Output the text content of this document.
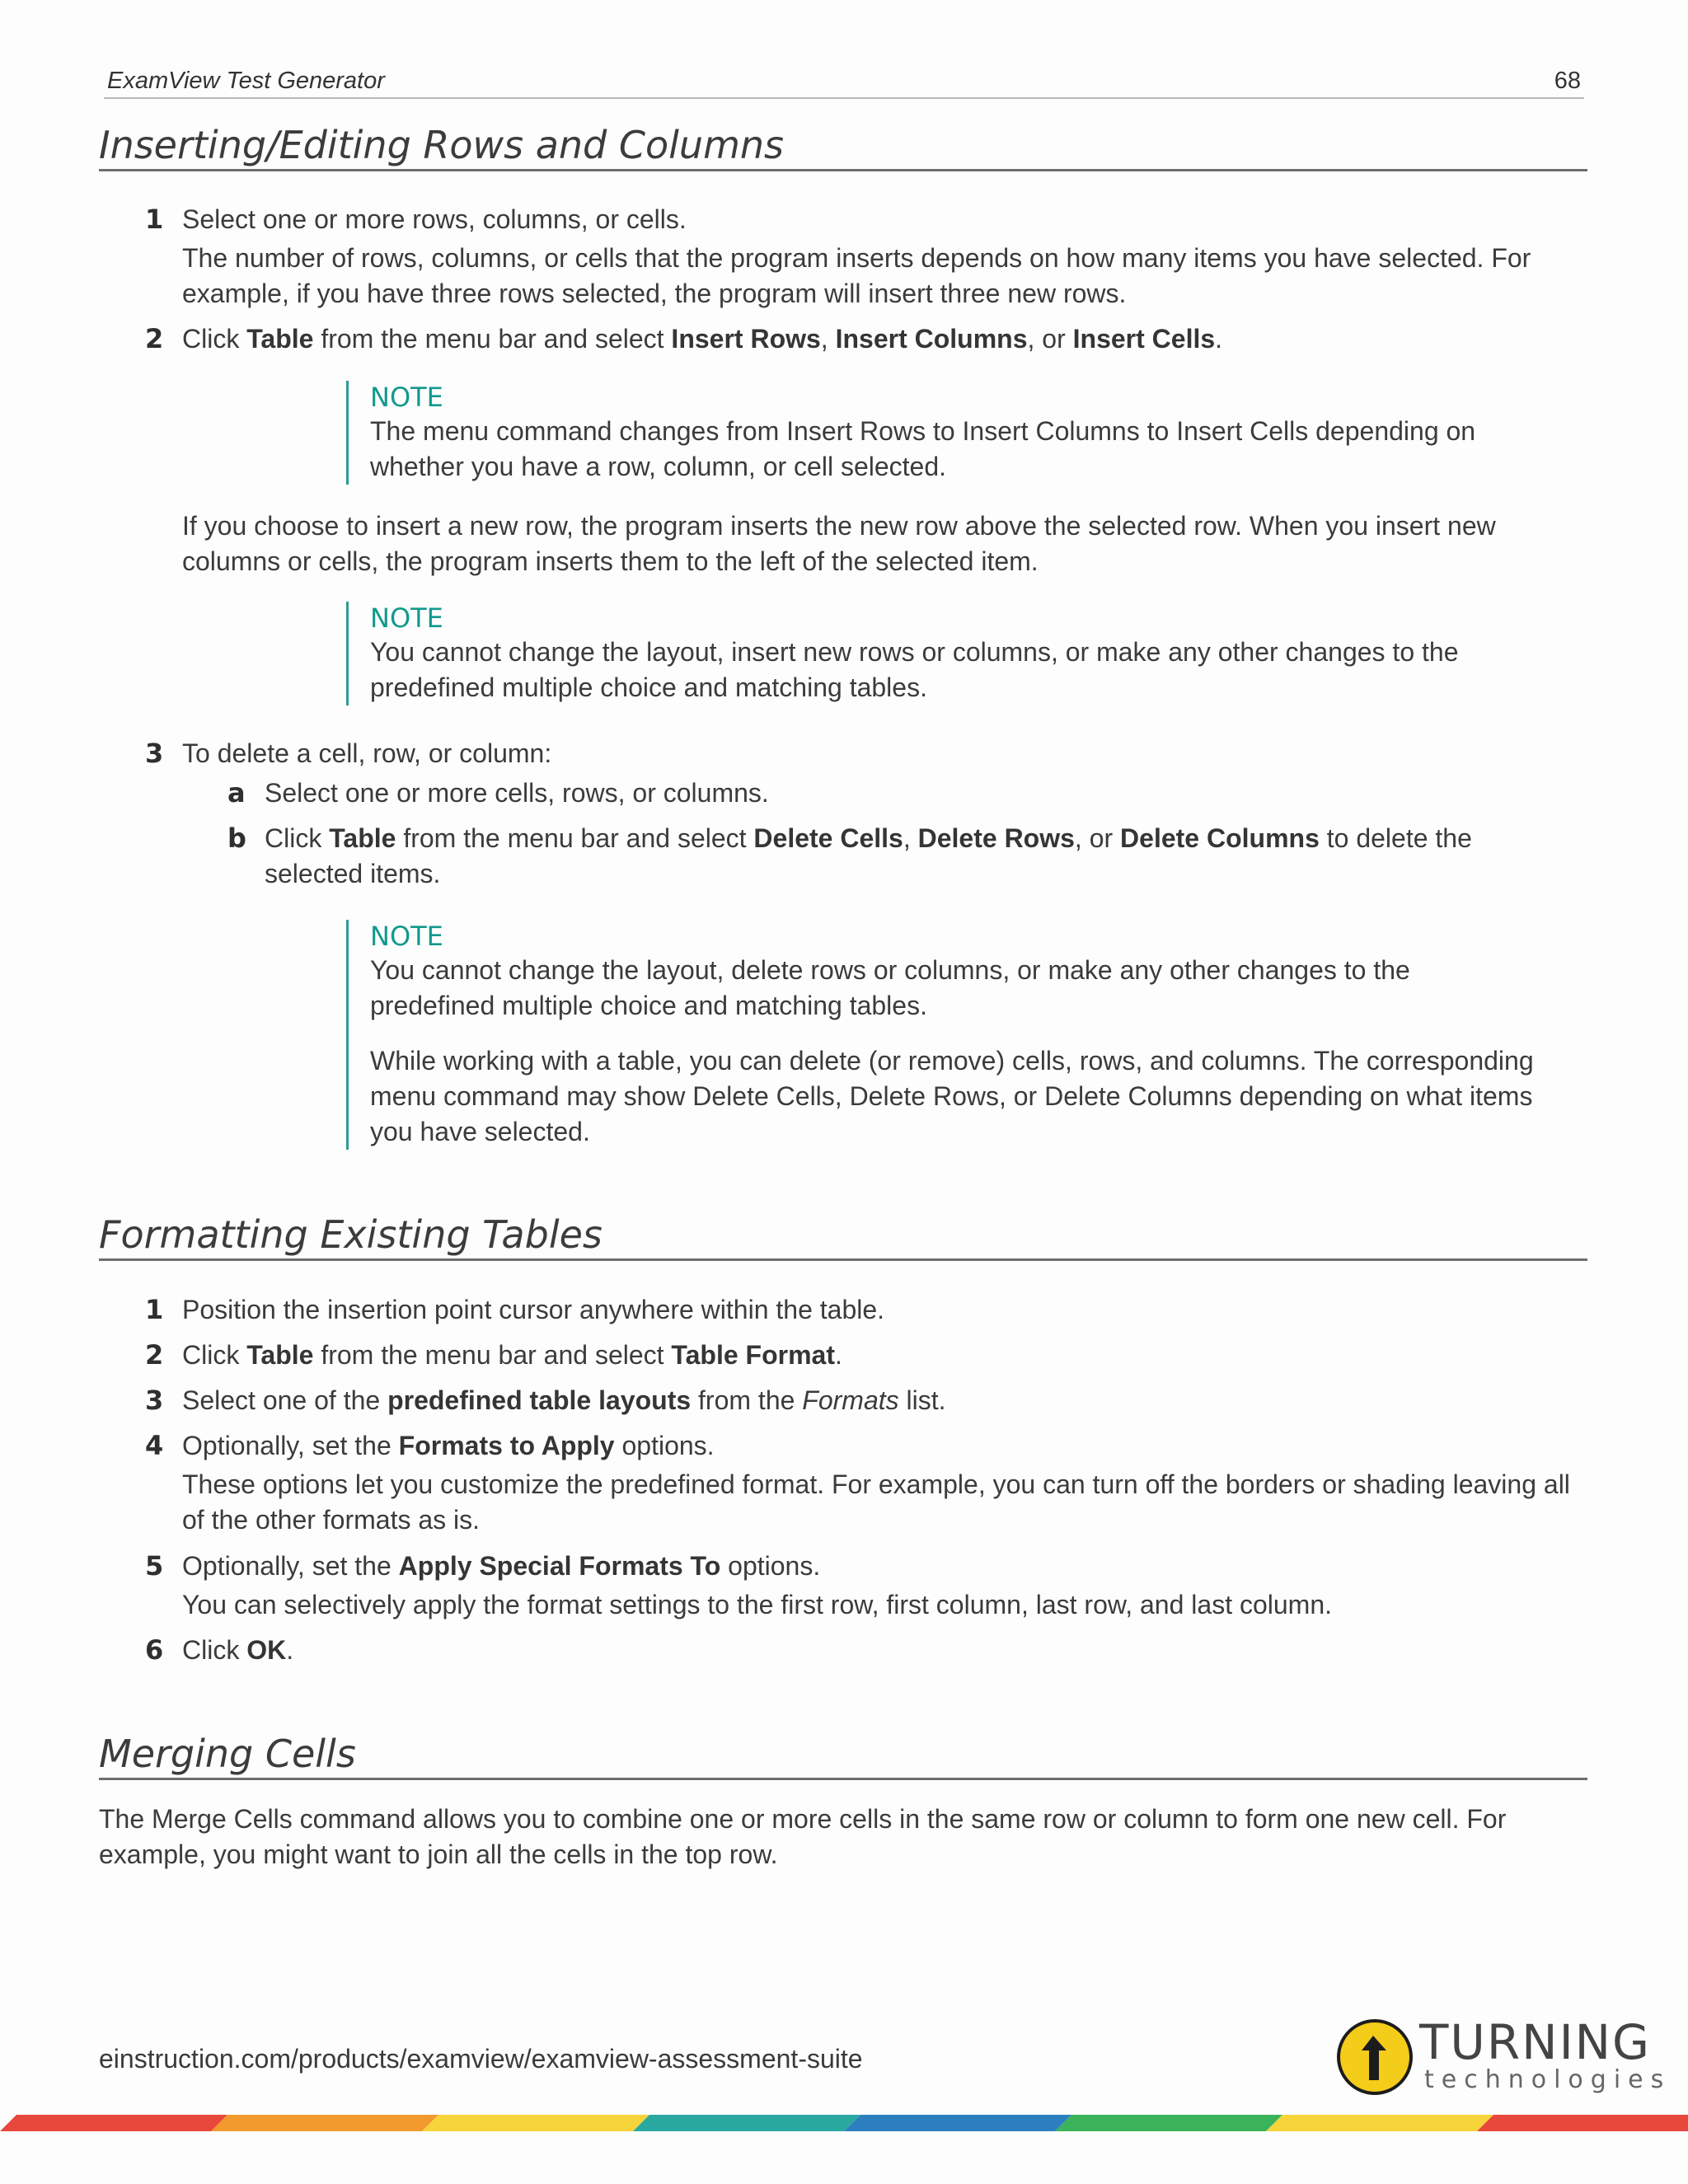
ExamView Test Generator	68
Inserting/Editing Rows and Columns
1 Select one or more rows, columns, or cells.
The number of rows, columns, or cells that the program inserts depends on how many items you have selected. For example, if you have three rows selected, the program will insert three new rows.
2 Click Table from the menu bar and select Insert Rows, Insert Columns, or Insert Cells.
NOTE

The menu command changes from Insert Rows to Insert Columns to Insert Cells depending on whether you have a row, column, or cell selected.

If you choose to insert a new row, the program inserts the new row above the selected row. When you insert new columns or cells, the program inserts them to the left of the selected item.

NOTE

You cannot change the layout, insert new rows or columns, or make any other changes to the predefined multiple choice and matching tables.

3 To delete a cell, row, or column:
a Select one or more cells, rows, or columns.
b Click Table from the menu bar and select Delete Cells, Delete Rows, or Delete Columns to delete the selected items.
NOTE

You cannot change the layout, delete rows or columns, or make any other changes to the predefined multiple choice and matching tables.

While working with a table, you can delete (or remove) cells, rows, and columns. The corresponding menu command may show Delete Cells, Delete Rows, or Delete Columns depending on what items you have selected.

Formatting Existing Tables
1 Position the insertion point cursor anywhere within the table.
2 Click Table from the menu bar and select Table Format.
3 Select one of the predefined table layouts from the Formats list.
4 Optionally, set the Formats to Apply options.
These options let you customize the predefined format. For example, you can turn off the borders or shading leaving all of the other formats as is.
5 Optionally, set the Apply Special Formats To options.
You can selectively apply the format settings to the first row, first column, last row, and last column.
6 Click OK.
Merging Cells

The Merge Cells command allows you to combine one or more cells in the same row or column to form one new cell. For example, you might want to join all the cells in the top row.

einstruction.com/products/examview/examview-assessment-suite	TURNING
technologies
